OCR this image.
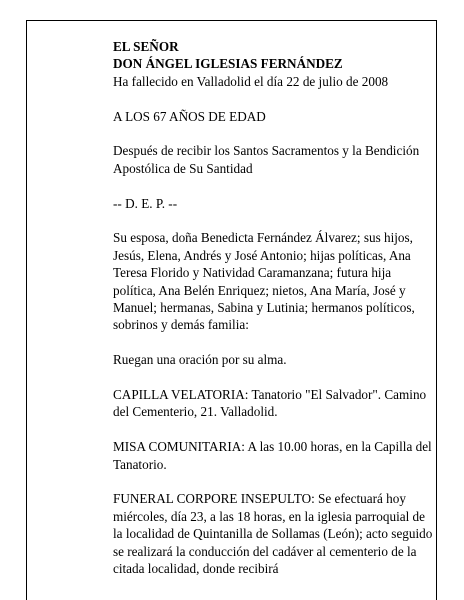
EL SEÑOR

DON ÁNGEL IGLESIAS FERNÁNDEZ

Ha fallecido en Valladolid el día 22 de julio de 2008

A LOS 67 AÑOS DE EDAD

Después de recibir los Santos Sacramentos y la Bendición Apostólica de Su Santidad

-- D. E. P. --

Su esposa, doña Benedicta Fernández Álvarez; sus hijos, Jesús, Elena, Andrés y José Antonio; hijas políticas, Ana Teresa Florido y Natividad Caramanzana; futura hija política, Ana Belén Enriquez; nietos, Ana María, José y Manuel; hermanas, Sabina y Lutinia; hermanos políticos, sobrinos y demás familia:

Ruegan una oración por su alma.

CAPILLA VELATORIA: Tanatorio "El Salvador". Camino del Cementerio, 21. Valladolid.

MISA COMUNITARIA: A las 10.00 horas, en la Capilla del Tanatorio.

FUNERAL CORPORE INSEPULTO: Se efectuará hoy miércoles, día 23, a las 18 horas, en la iglesia parroquial de la localidad de Quintanilla de Sollamas (León); acto seguido se realizará la conducción del cadáver al cementerio de la citada localidad, donde recibirá
